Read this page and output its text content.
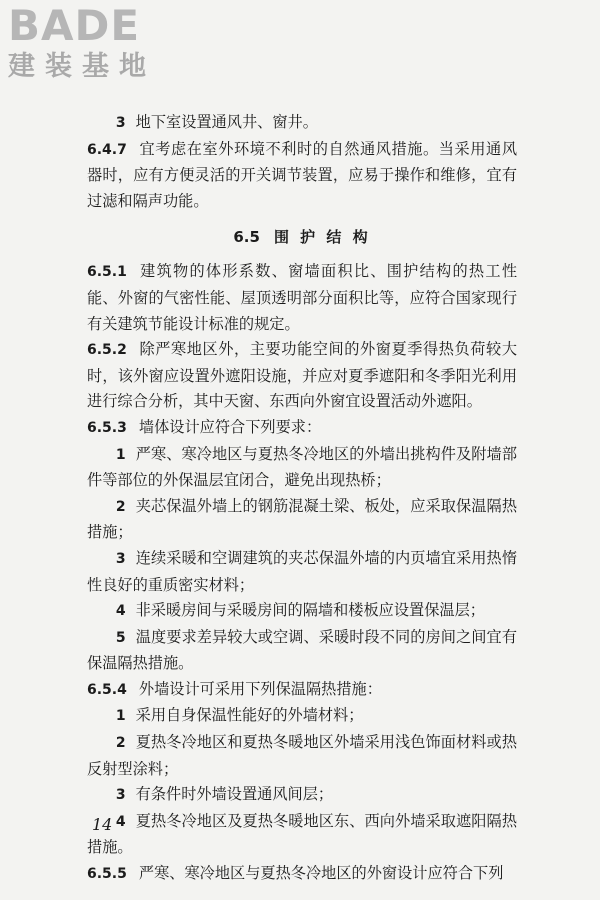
BADE
建装基地

3 地下室设置通风井、窗井。

6.4.7 宜考虑在室外环境不利时的自然通风措施。当采用通风器时，应有方便灵活的开关调节装置，应易于操作和维修，宜有过滤和隔声功能。

6.5 围 护 结 构

6.5.1 建筑物的体形系数、窗墙面积比、围护结构的热工性能、外窗的气密性能、屋顶透明部分面积比等，应符合国家现行有关建筑节能设计标准的规定。

6.5.2 除严寒地区外，主要功能空间的外窗夏季得热负荷较大时，该外窗应设置外遮阳设施，并应对夏季遮阳和冬季阳光利用进行综合分析，其中天窗、东西向外窗宜设置活动外遮阳。

6.5.3 墙体设计应符合下列要求：

1 严寒、寒冷地区与夏热冬冷地区的外墙出挑构件及附墙部件等部位的外保温层宜闭合，避免出现热桥；

2 夹芯保温外墙上的钢筋混凝土梁、板处，应采取保温隔热措施；

3 连续采暖和空调建筑的夹芯保温外墙的内页墙宜采用热惰性良好的重质密实材料；

4 非采暖房间与采暖房间的隔墙和楼板应设置保温层；

5 温度要求差异较大或空调、采暖时段不同的房间之间宜有保温隔热措施。

6.5.4 外墙设计可采用下列保温隔热措施：

1 采用自身保温性能好的外墙材料；

2 夏热冬冷地区和夏热冬暖地区外墙采用浅色饰面材料或热反射型涂料；

3 有条件时外墙设置通风间层；

4 夏热冬冷地区及夏热冬暖地区东、西向外墙采取遮阳隔热措施。

6.5.5 严寒、寒冷地区与夏热冬冷地区的外窗设计应符合下列

14
